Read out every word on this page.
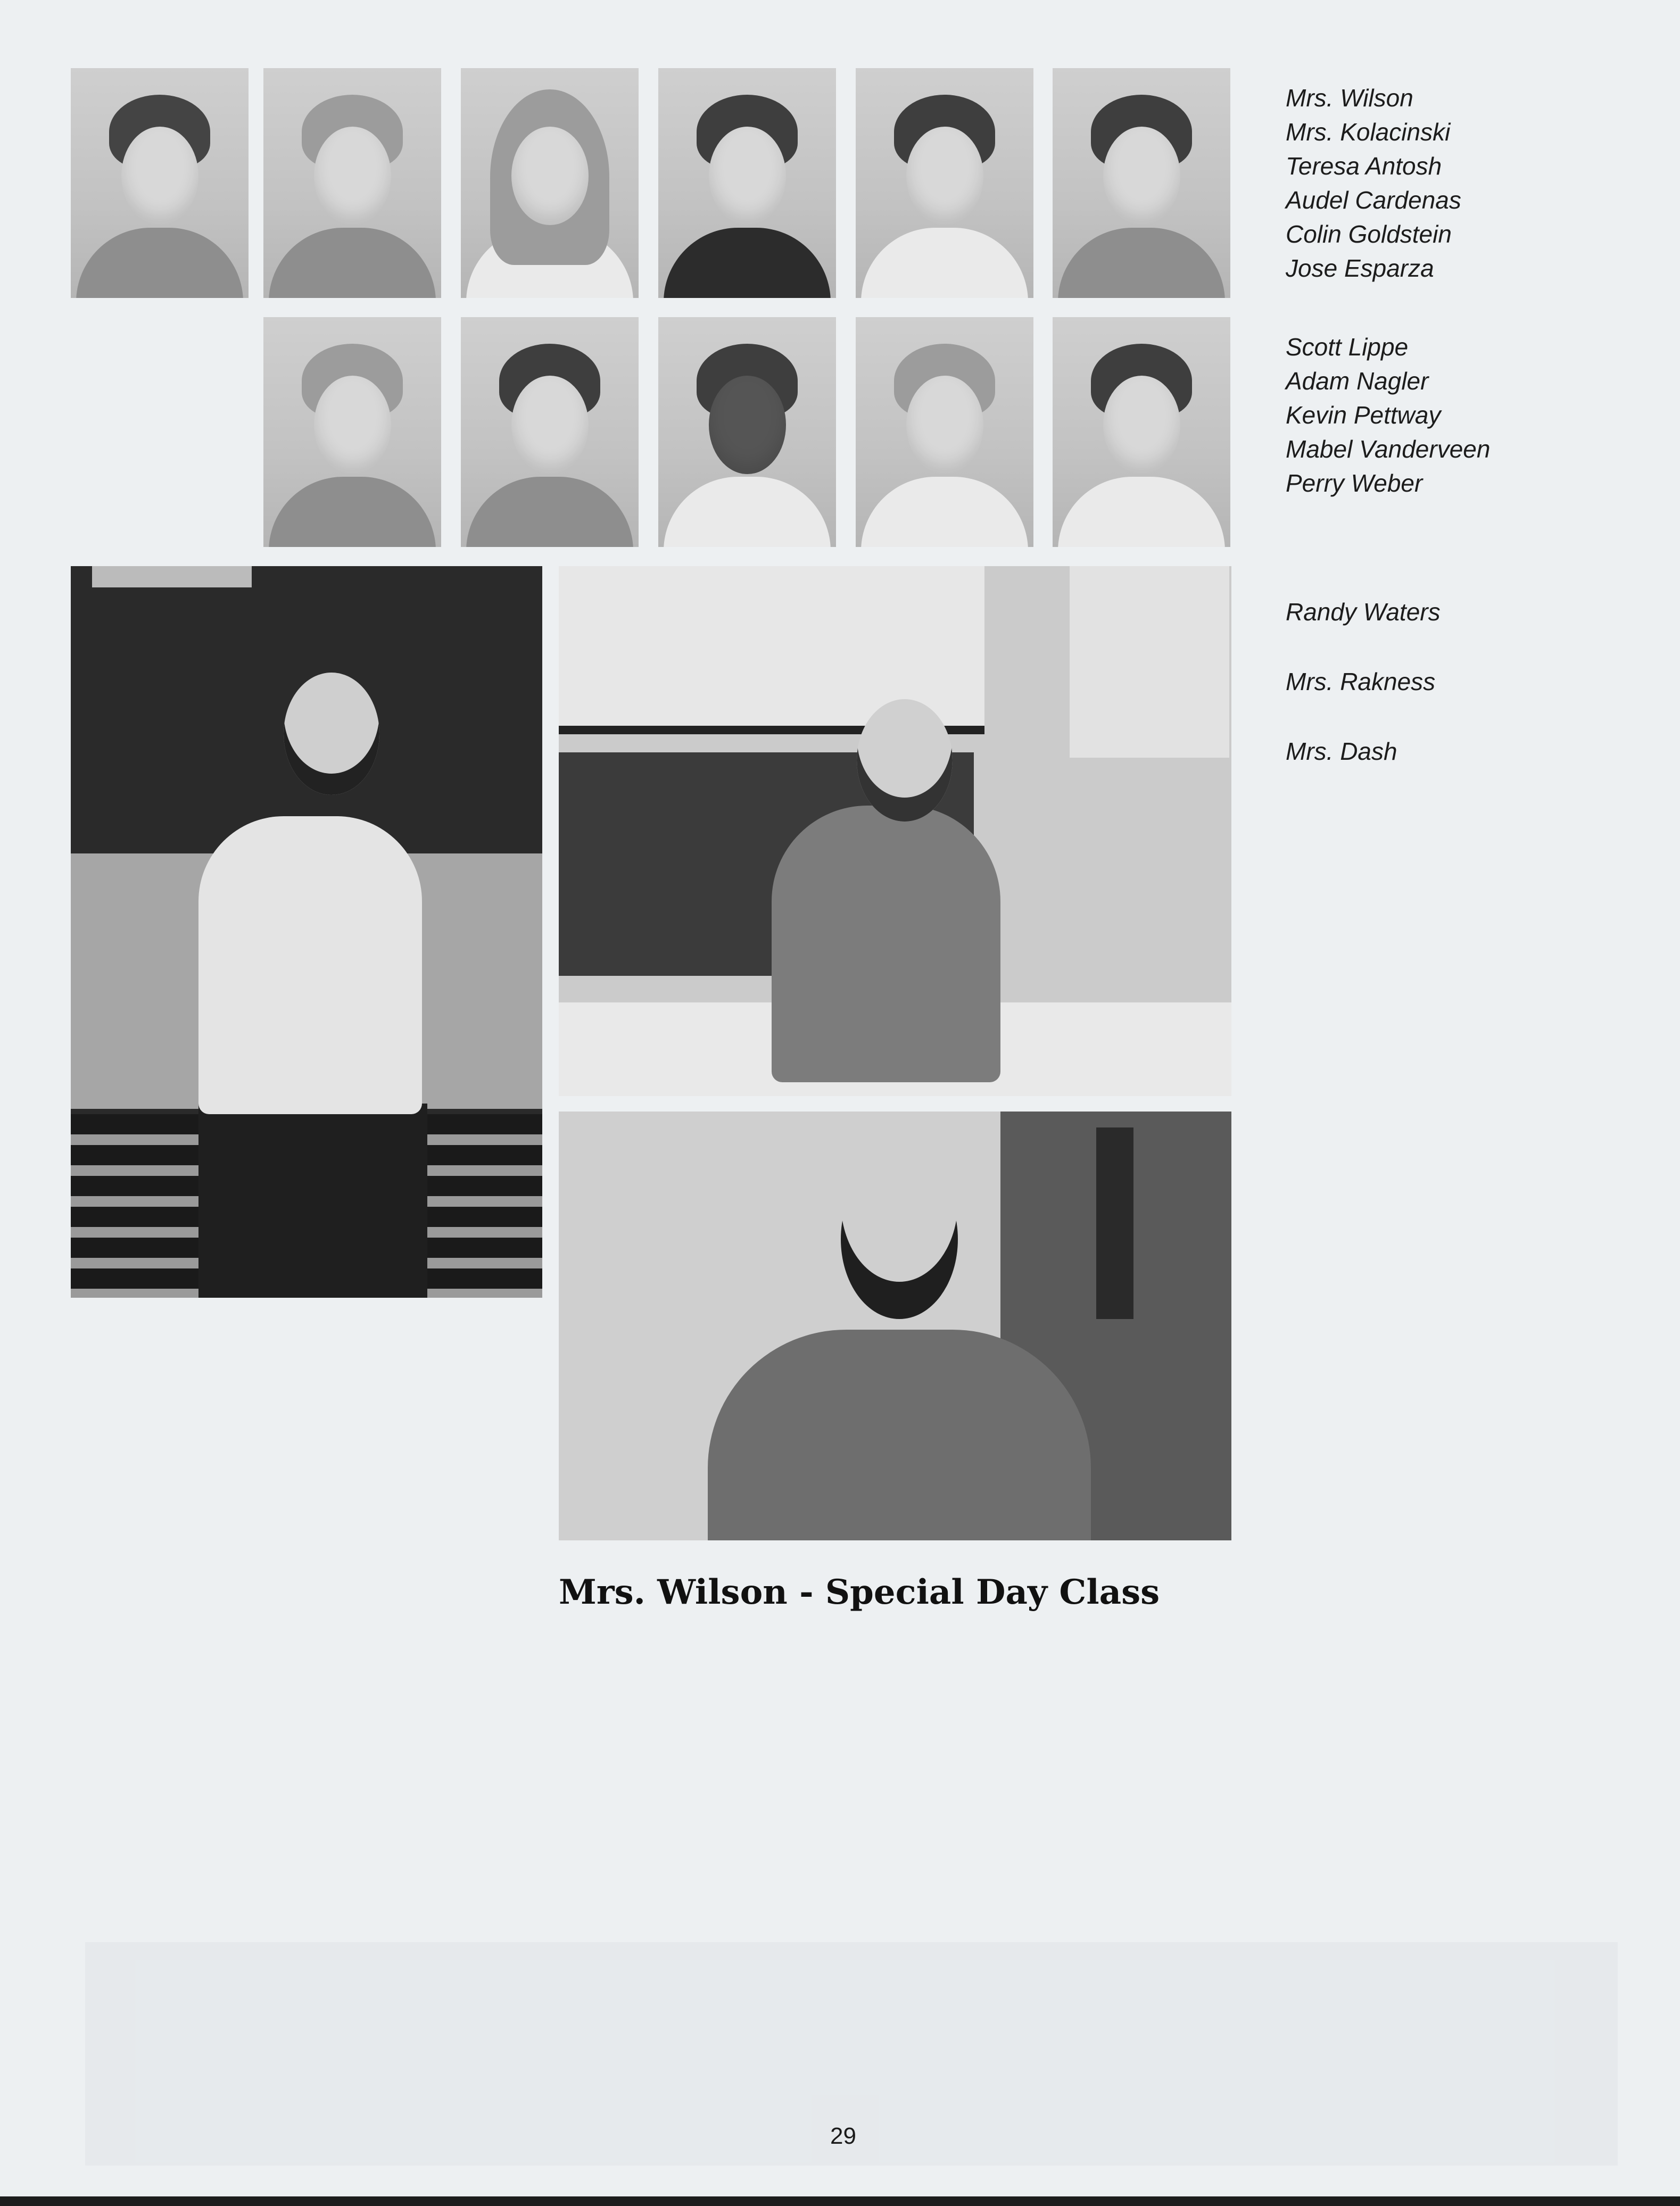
Mrs. Wilson
Mrs. Kolacinski
Teresa Antosh
Audel Cardenas
Colin Goldstein
Jose Esparza
Scott Lippe
Adam Nagler
Kevin Pettway
Mabel Vanderveen
Perry Weber
Randy Waters
Mrs. Rakness
Mrs. Dash
Mrs. Wilson - Special Day Class
29
